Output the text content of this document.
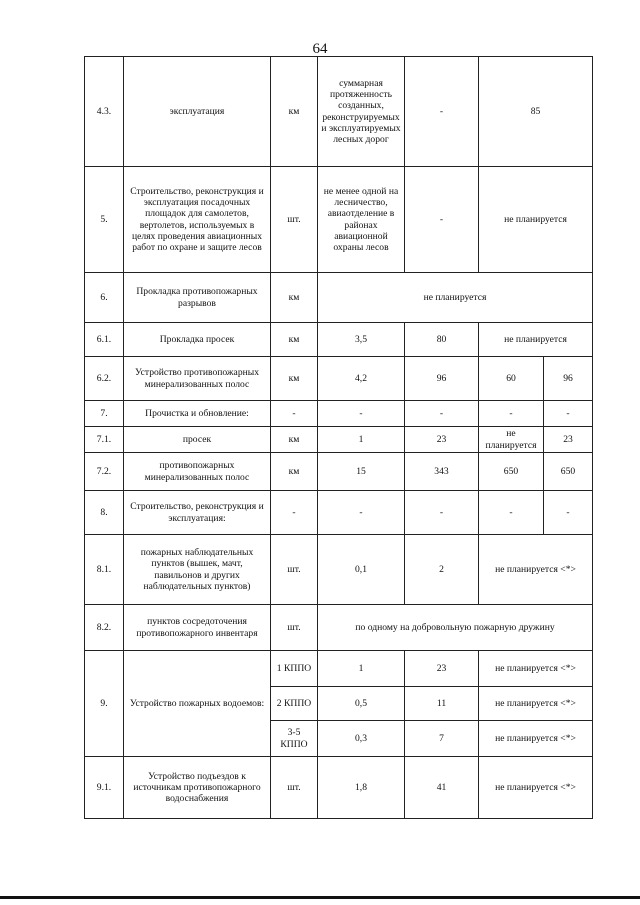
64
4.3.	эксплуатация	км	суммарная протяженность созданных, реконструируемых и эксплуатируемых лесных дорог	-	85	
5.	Строительство, реконструкция и эксплуатация посадочных площадок для самолетов, вертолетов, используемых в целях проведения авиационных работ по охране и защите лесов	шт.	не менее одной на лесничество, авиаотделение в районах авиационной охраны лесов	-	не планируется	
6.	Прокладка противопожарных разрывов	км	не планируется			
6.1.	Прокладка просек	км	3,5	80	не планируется	
6.2.	Устройство противопожарных минерализованных полос	км	4,2	96	60	96
7.	Прочистка и обновление:	-	-	-	-	-
7.1.	просек	км	1	23	не планируется	23
7.2.	противопожарных минерализованных полос	км	15	343	650	650
8.	Строительство, реконструкция и эксплуатация:	-	-	-	-	-
8.1.	пожарных наблюдательных пунктов (вышек, мачт, павильонов и других наблюдательных пунктов)	шт.	0,1	2	не планируется <*>	
8.2.	пунктов сосредоточения противопожарного инвентаря	шт.	по одному на добровольную пожарную дружину			
9.	Устройство пожарных водоемов:	1 КППО	1	23	не планируется <*>	
		2 КППО	0,5	11	не планируется <*>	
		3-5 КППО	0,3	7	не планируется <*>	
9.1.	Устройство подъездов к источникам противопожарного водоснабжения	шт.	1,8	41	не планируется <*>	
